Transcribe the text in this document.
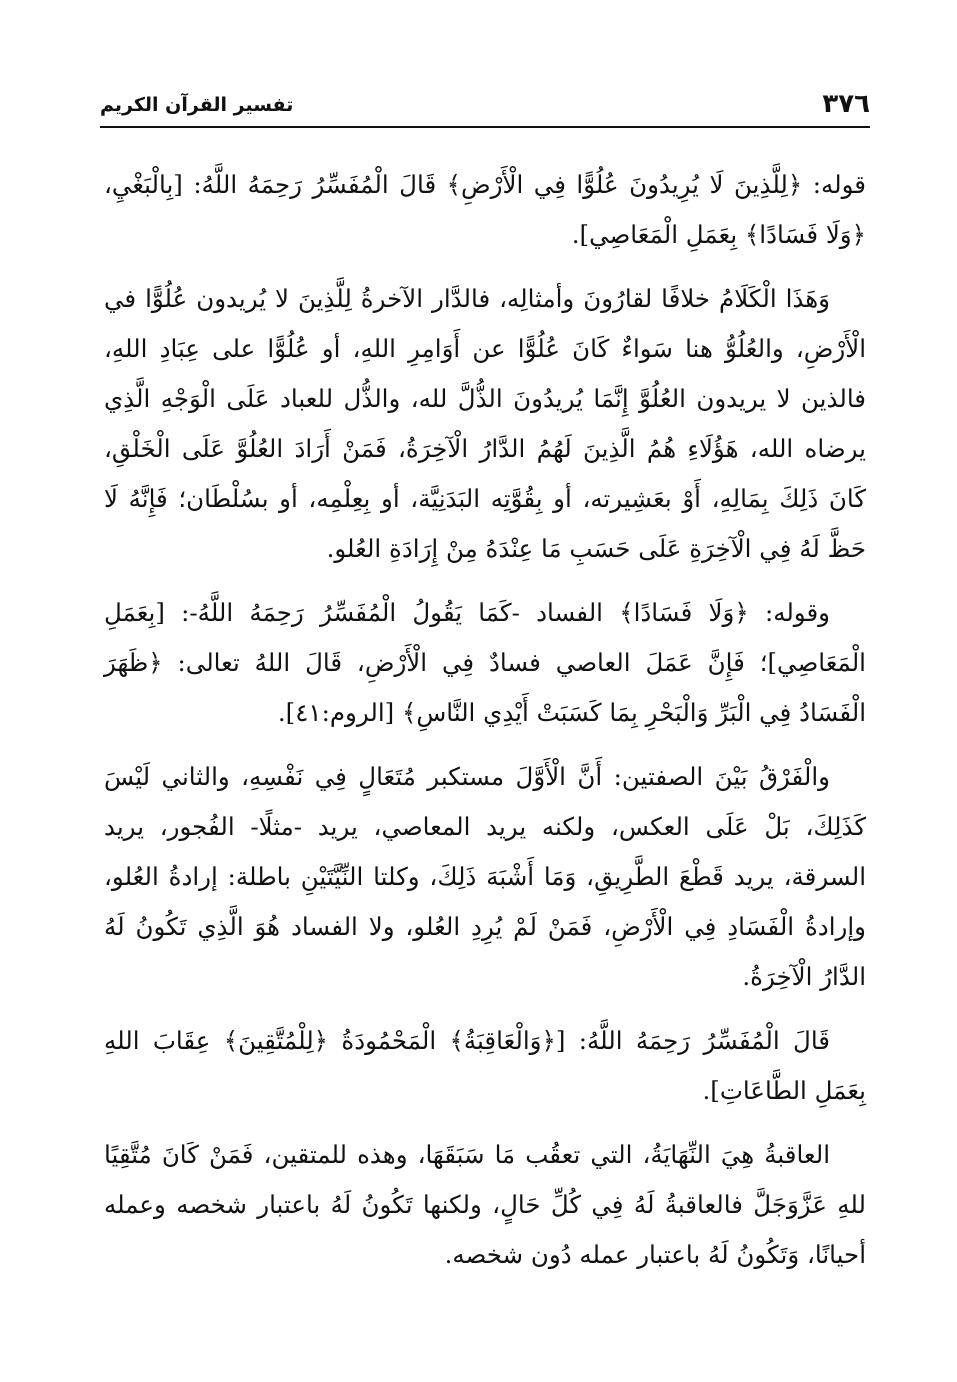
٣٧٦
تفسير القرآن الكريم

قوله: ﴿لِلَّذِينَ لَا يُرِيدُونَ عُلُوًّا فِي الْأَرْضِ﴾ قَالَ الْمُفَسِّرُ رَحِمَهُ اللَّهُ: [بِالْبَغْيِ، ﴿وَلَا فَسَادًا﴾ بِعَمَلِ الْمَعَاصِي].

وَهَذَا الْكَلَامُ خلافًا لقارُونَ وأمثالِه، فالدَّار الآخرةُ لِلَّذِينَ لا يُريدون عُلُوًّا في الْأَرْضِ، والعُلُوُّ هنا سَواءٌ كَانَ عُلُوًّا عن أَوَامِرِ اللهِ، أو عُلُوًّا على عِبَادِ اللهِ، فالذين لا يريدون العُلُوَّ إِنَّمَا يُريدُونَ الذُّلَّ لله، والذُّل للعباد عَلَى الْوَجْهِ الَّذِي يرضاه الله، هَؤُلَاءِ هُمُ الَّذِينَ لَهُمُ الدَّارُ الْآخِرَةُ، فَمَنْ أَرَادَ العُلُوَّ عَلَى الْخَلْقِ، كَانَ ذَلِكَ بِمَالِهِ، أَوْ بعَشِيرته، أو بِقُوَّتِه البَدَنِيَّة، أو بِعِلْمِه، أو بسُلْطَان؛ فَإِنَّهُ لَا حَظَّ لَهُ فِي الْآخِرَةِ عَلَى حَسَبِ مَا عِنْدَهُ مِنْ إِرَادَةِ العُلو.

وقوله: ﴿وَلَا فَسَادًا﴾ الفساد -كَمَا يَقُولُ الْمُفَسِّرُ رَحِمَهُ اللَّهُ-: [بِعَمَلِ الْمَعَاصِي]؛ فَإِنَّ عَمَلَ العاصي فسادٌ فِي الْأَرْضِ، قَالَ اللهُ تعالى: ﴿ظَهَرَ الْفَسَادُ فِي الْبَرِّ وَالْبَحْرِ بِمَا كَسَبَتْ أَيْدِي النَّاسِ﴾ [الروم:٤١].

والْفَرْقُ بَيْنَ الصفتين: أَنَّ الْأَوَّلَ مستكبر مُتَعَالٍ فِي نَفْسِهِ، والثاني لَيْسَ كَذَلِكَ، بَلْ عَلَى العكس، ولكنه يريد المعاصي، يريد -مثلًا- الفُجور، يريد السرقة، يريد قَطْعَ الطَّرِيقِ، وَمَا أَشْبَهَ ذَلِكَ، وكلتا النِّيَّتَيْنِ باطلة: إرادةُ العُلو، وإرادةُ الْفَسَادِ فِي الْأَرْضِ، فَمَنْ لَمْ يُرِدِ العُلو، ولا الفساد هُوَ الَّذِي تَكُونُ لَهُ الدَّارُ الْآخِرَةُ.

قَالَ الْمُفَسِّرُ رَحِمَهُ اللَّهُ: [﴿وَالْعَاقِبَةُ﴾ الْمَحْمُودَةُ ﴿لِلْمُتَّقِينَ﴾ عِقَابَ اللهِ بِعَمَلِ الطَّاعَاتِ].

العاقبةُ هِيَ النِّهَايَةُ، التي تعقُب مَا سَبَقَهَا، وهذه للمتقين، فَمَنْ كَانَ مُتَّقِيًا للهِ عَزَّوَجَلَّ فالعاقبةُ لَهُ فِي كُلِّ حَالٍ، ولكنها تَكُونُ لَهُ باعتبار شخصه وعمله أحيانًا، وَتَكُونُ لَهُ باعتبار عمله دُون شخصه.
